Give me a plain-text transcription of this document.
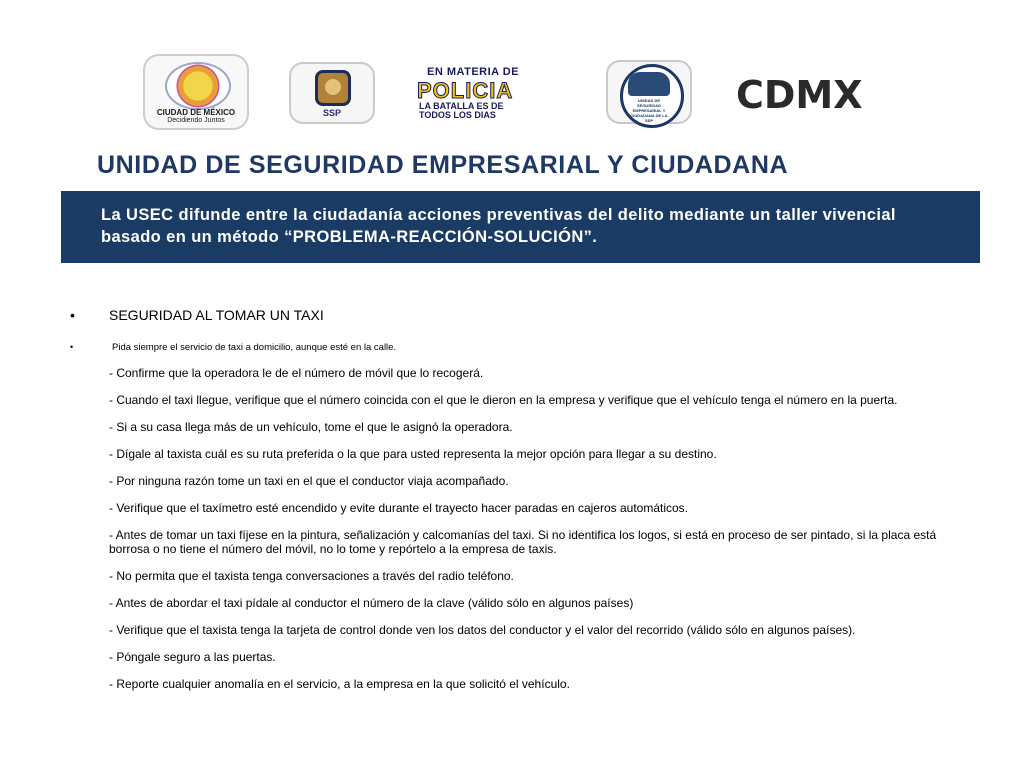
CIUDAD DE MÉXICO
Decidiendo Juntos
SSP
EN MATERIA DE
POLICIA
LA BATALLA ES DE
TODOS LOS DIAS
UNIDAD DE SEGURIDAD EMPRESARIAL Y CIUDADANA DE LA SSP
CDMX
UNIDAD DE SEGURIDAD EMPRESARIAL Y CIUDADANA
La USEC difunde entre la ciudadanía acciones preventivas del delito mediante un taller vivencial basado en un método “PROBLEMA-REACCIÓN-SOLUCIÓN”.
• SEGURIDAD AL TOMAR UN TAXI
•	Pida siempre el servicio de taxi a domicilio, aunque esté en la calle.

- Confirme que la operadora le de el número de móvil que lo recogerá.

- Cuando el taxi llegue, verifique que el número coincida con el que le dieron en la empresa y verifique que el vehículo tenga el número en la puerta.

- Si a su casa llega más de un vehículo, tome el que le asignó la operadora.

- Dígale al taxista cuál es su ruta preferida o la que para usted representa la mejor opción para llegar a su destino.

- Por ninguna razón tome un taxi en el que el conductor viaja acompañado.

- Verifique que el taxímetro esté encendido y evite durante el trayecto hacer paradas en cajeros automáticos.

- Antes de tomar un taxi fíjese en la pintura, señalización y calcomanías del taxi. Si no identifica los logos, si está en proceso de ser pintado, si la placa está borrosa o no tiene el número del móvil, no lo tome y repórtelo a la empresa de taxis.

- No permita que el taxista tenga conversaciones a través del radio teléfono.

- Antes de abordar el taxi pídale al conductor el número de la clave (válido sólo en algunos países)

- Verifique que el taxista tenga la tarjeta de control donde ven los datos del conductor y el valor del recorrido (válido sólo en algunos países).

- Póngale seguro a las puertas.

- Reporte cualquier anomalía en el servicio, a la empresa en la que solicitó el vehículo.
